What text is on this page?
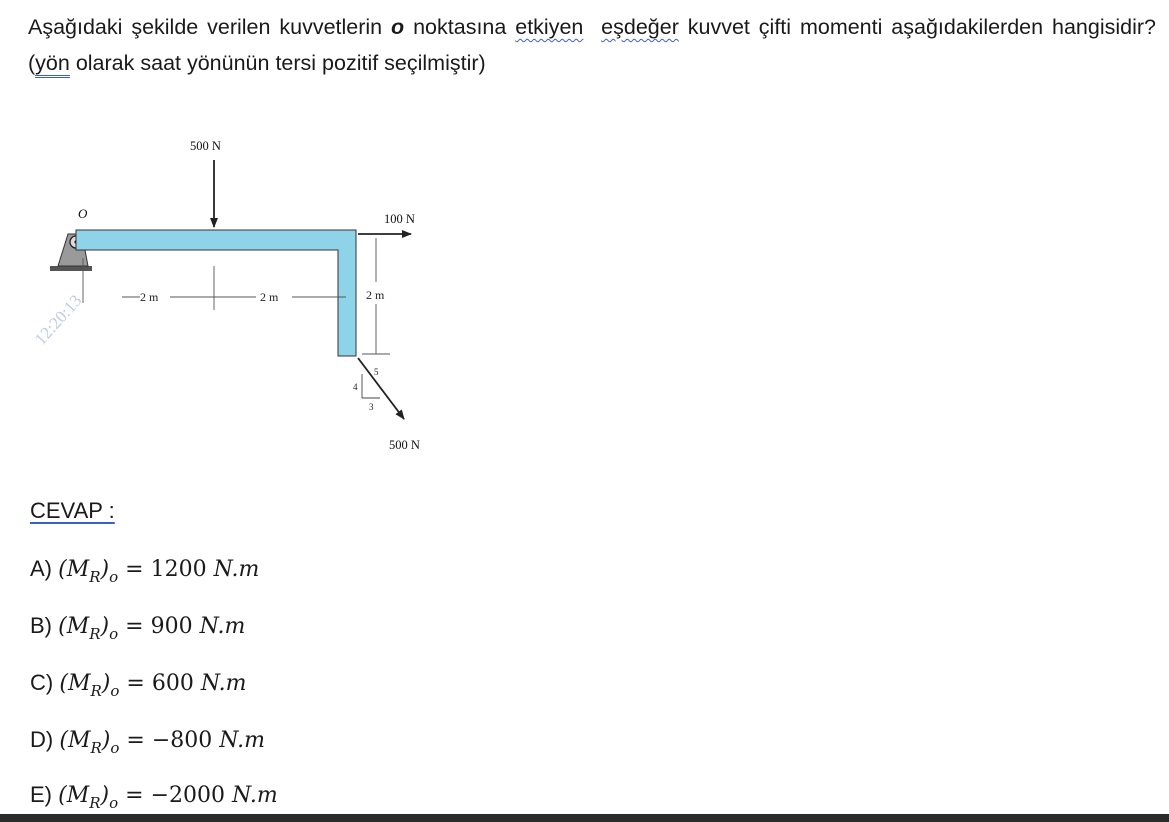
Aşağıdaki şekilde verilen kuvvetlerin o noktasına etkiyen eşdeğer kuvvet çifti momenti aşağıdakilerden hangisidir? (yön olarak saat yönünün tersi pozitif seçilmiştir)
12:20:13
O
500 N
100 N
2 m	2 m	2 m
4
5
3
500 N
CEVAP :
A) $(M_R)_o = 1200$ N.m
B) $(M_R)_o = 900$ N.m
C) $(M_R)_o = 600$ N.m
D) $(M_R)_o = -800$ N.m
E) $(M_R)_o = -2000$ N.m
